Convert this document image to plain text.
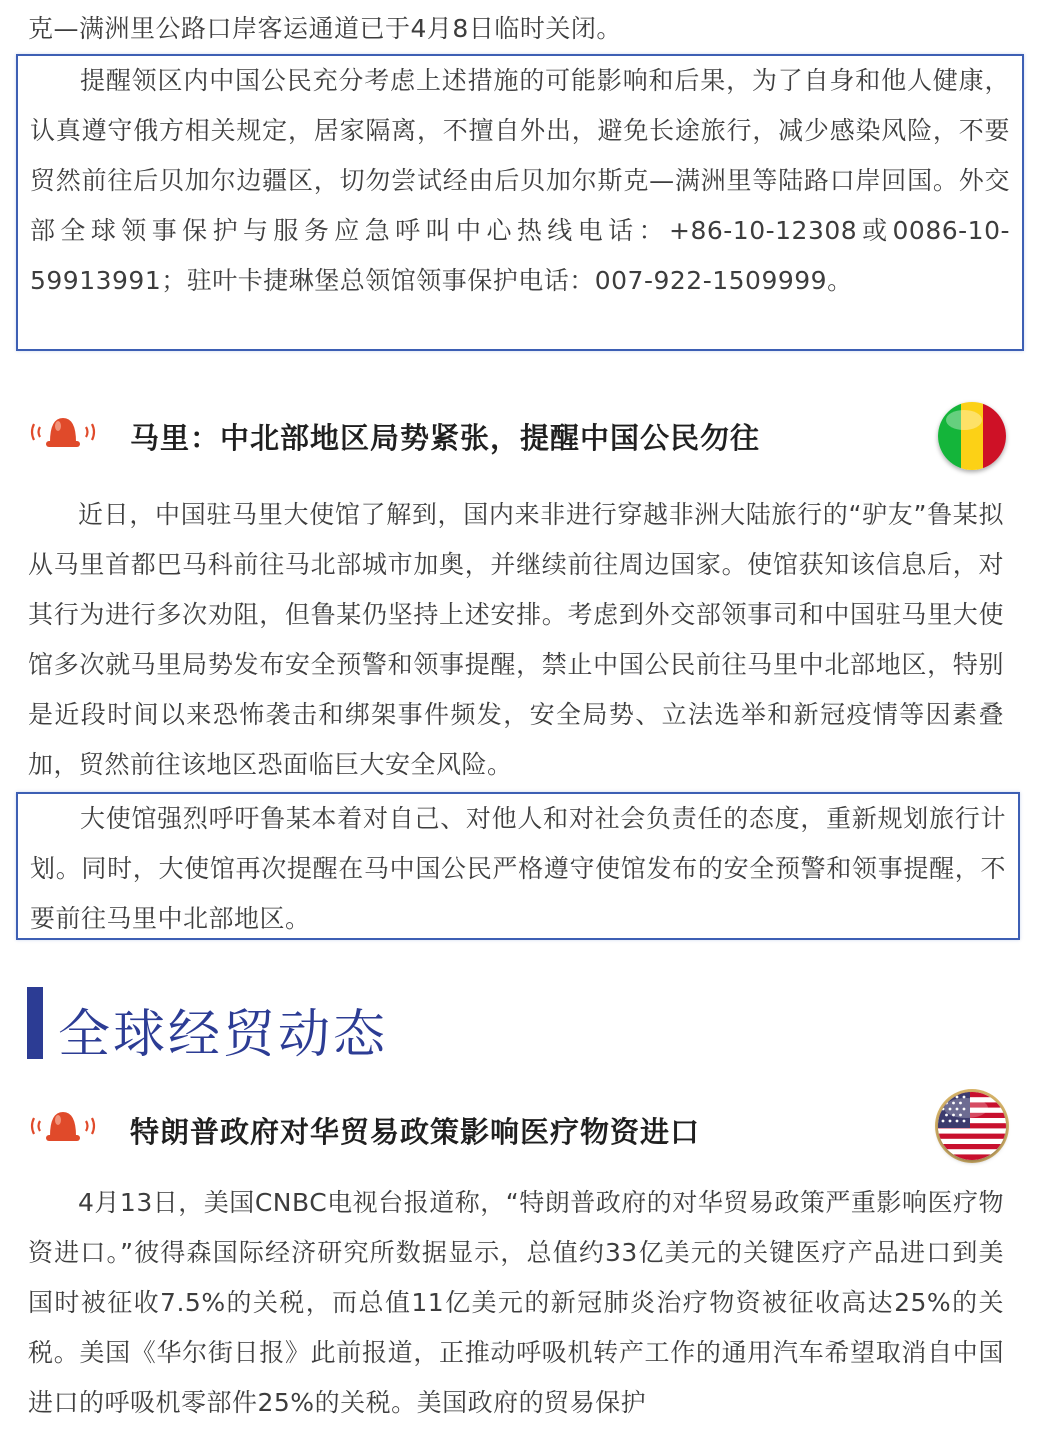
克—满洲里公路口岸客运通道已于4月8日临时关闭。
提醒领区内中国公民充分考虑上述措施的可能影响和后果，为了自身和他人健康，认真遵守俄方相关规定，居家隔离，不擅自外出，避免长途旅行，减少感染风险，不要贸然前往后贝加尔边疆区，切勿尝试经由后贝加尔斯克—满洲里等陆路口岸回国。外交部全球领事保护与服务应急呼叫中心热线电话：+86-10-12308或0086-10-59913991；驻叶卡捷琳堡总领馆领事保护电话：007-922-1509999。
马里：中北部地区局势紧张，提醒中国公民勿往
近日，中国驻马里大使馆了解到，国内来非进行穿越非洲大陆旅行的“驴友”鲁某拟从马里首都巴马科前往马北部城市加奥，并继续前往周边国家。使馆获知该信息后，对其行为进行多次劝阻，但鲁某仍坚持上述安排。考虑到外交部领事司和中国驻马里大使馆多次就马里局势发布安全预警和领事提醒，禁止中国公民前往马里中北部地区，特别是近段时间以来恐怖袭击和绑架事件频发，安全局势、立法选举和新冠疫情等因素叠加，贸然前往该地区恐面临巨大安全风险。
大使馆强烈呼吁鲁某本着对自己、对他人和对社会负责任的态度，重新规划旅行计划。同时，大使馆再次提醒在马中国公民严格遵守使馆发布的安全预警和领事提醒，不要前往马里中北部地区。
全球经贸动态
特朗普政府对华贸易政策影响医疗物资进口
4月13日，美国CNBC电视台报道称，“特朗普政府的对华贸易政策严重影响医疗物资进口。”彼得森国际经济研究所数据显示，总值约33亿美元的关键医疗产品进口到美国时被征收7.5%的关税，而总值11亿美元的新冠肺炎治疗物资被征收高达25%的关税。美国《华尔街日报》此前报道，正推动呼吸机转产工作的通用汽车希望取消自中国进口的呼吸机零部件25%的关税。美国政府的贸易保护
